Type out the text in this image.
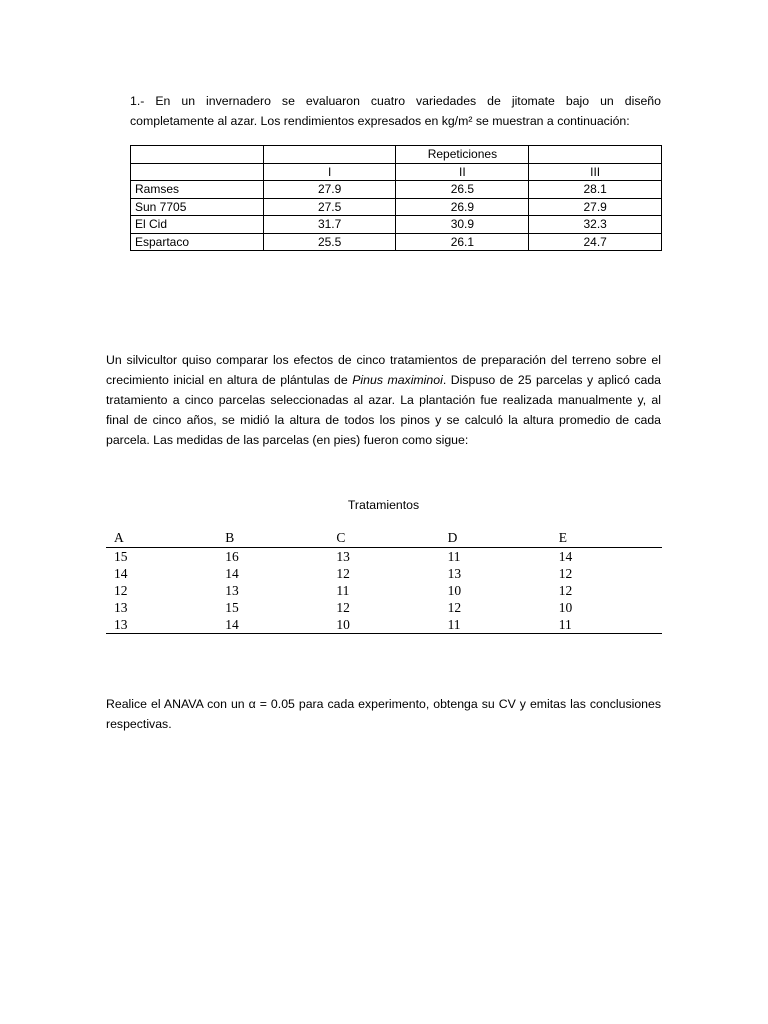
1.- En un invernadero se evaluaron cuatro variedades de jitomate bajo un diseño
completamente al azar. Los rendimientos expresados en kg/m² se muestran a continuación:
		Repeticiones	
	I	II	III
Ramses	27.9	26.5	28.1
Sun 7705	27.5	26.9	27.9
El Cid	31.7	30.9	32.3
Espartaco	25.5	26.1	24.7
Un silvicultor quiso comparar los efectos de cinco tratamientos de preparación del terreno sobre el
crecimiento inicial en altura de plántulas de Pinus maximinoi. Dispuso de 25 parcelas y aplicó cada
tratamiento a cinco parcelas seleccionadas al azar. La plantación fue realizada manualmente y, al
final de cinco años, se midió la altura de todos los pinos y se calculó la altura promedio de cada
parcela. Las medidas de las parcelas (en pies) fueron como sigue:
Tratamientos
A	B	C	D	E
15	16	13	11	14
14	14	12	13	12
12	13	11	10	12
13	15	12	12	10
13	14	10	11	11
Realice el ANAVA con un α = 0.05 para cada experimento, obtenga su CV y emitas las conclusiones
respectivas.
